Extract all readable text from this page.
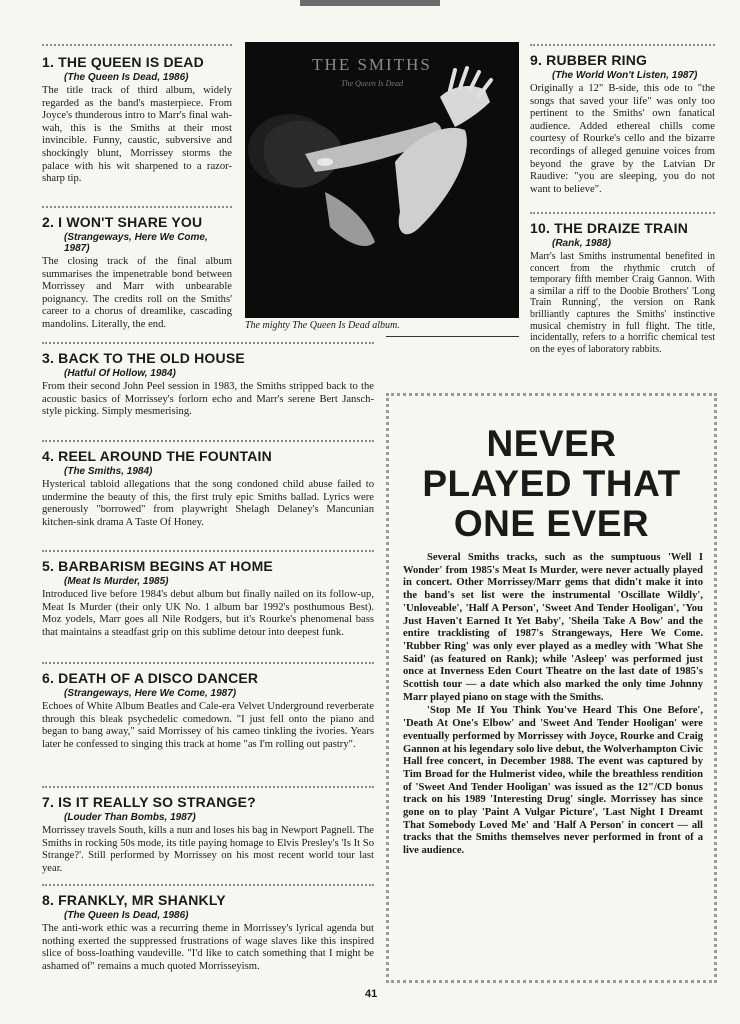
1. THE QUEEN IS DEAD
(The Queen Is Dead, 1986)

The title track of third album, widely regarded as the band's masterpiece. From Joyce's thunderous intro to Marr's final wah-wah, this is the Smiths at their most invincible. Funny, caustic, subversive and shockingly blunt, Morrissey storms the palace with his wit sharpened to a razor-sharp tip.

2. I WON'T SHARE YOU
(Strangeways, Here We Come, 1987)

The closing track of the final album summarises the impenetrable bond between Morrissey and Marr with unbearable poignancy. The credits roll on the Smiths' career to a chorus of dreamlike, cascading mandolins. Literally, the end.

THE SMITHS
The Queen Is Dead
The mighty The Queen Is Dead album.
9. RUBBER RING
(The World Won't Listen, 1987)

Originally a 12" B-side, this ode to "the songs that saved your life" was only too pertinent to the Smiths' own fanatical audience. Added ethereal chills come courtesy of Rourke's cello and the bizarre recordings of alleged genuine voices from beyond the grave by the Latvian Dr Raudive: "you are sleeping, you do not want to believe".

10. THE DRAIZE TRAIN
(Rank, 1988)

Marr's last Smiths instrumental benefited in concert from the rhythmic crutch of temporary fifth member Craig Gannon. With a similar a riff to the Doobie Brothers' 'Long Train Running', the version on Rank brilliantly captures the Smiths' instinctive musical chemistry in full flight. The title, incidentally, refers to a horrific chemical test on the eyes of laboratory rabbits.

3. BACK TO THE OLD HOUSE
(Hatful Of Hollow, 1984)

From their second John Peel session in 1983, the Smiths stripped back to the acoustic basics of Morrissey's forlorn echo and Marr's serene Bert Jansch-style picking. Simply mesmerising.

4. REEL AROUND THE FOUNTAIN
(The Smiths, 1984)

Hysterical tabloid allegations that the song condoned child abuse failed to undermine the beauty of this, the first truly epic Smiths ballad. Lyrics were generously "borrowed" from playwright Shelagh Delaney's Mancunian kitchen-sink drama A Taste Of Honey.

5. BARBARISM BEGINS AT HOME
(Meat Is Murder, 1985)

Introduced live before 1984's debut album but finally nailed on its follow-up, Meat Is Murder (their only UK No. 1 album bar 1992's posthumous Best). Moz yodels, Marr goes all Nile Rodgers, but it's Rourke's phenomenal bass that maintains a steadfast grip on this sublime detour into deepest funk.

6. DEATH OF A DISCO DANCER
(Strangeways, Here We Come, 1987)

Echoes of White Album Beatles and Cale-era Velvet Underground reverberate through this bleak psychedelic comedown. "I just fell onto the piano and began to bang away," said Morrissey of his cameo tinkling the ivories. Years later he confessed to singing this track at home "as I'm rolling out pastry".

7. IS IT REALLY SO STRANGE?
(Louder Than Bombs, 1987)

Morrissey travels South, kills a nun and loses his bag in Newport Pagnell. The Smiths in rocking 50s mode, its title paying homage to Elvis Presley's 'Is It So Strange?'. Still performed by Morrissey on his most recent world tour last year.

8. FRANKLY, MR SHANKLY
(The Queen Is Dead, 1986)

The anti-work ethic was a recurring theme in Morrissey's lyrical agenda but nothing exerted the suppressed frustrations of wage slaves like this inspired slice of boss-loathing vaudeville. "I'd like to catch something that I might be ashamed of" remains a much quoted Morrisseyism.

NEVER
PLAYED THAT
ONE EVER

Several Smiths tracks, such as the sumptuous 'Well I Wonder' from 1985's Meat Is Murder, were never actually played in concert. Other Morrissey/Marr gems that didn't make it into the band's set list were the instrumental 'Oscillate Wildly', 'Unloveable', 'Half A Person', 'Sweet And Tender Hooligan', 'You Just Haven't Earned It Yet Baby', 'Sheila Take A Bow' and the entire tracklisting of 1987's Strangeways, Here We Come. 'Rubber Ring' was only ever played as a medley with 'What She Said' (as featured on Rank); while 'Asleep' was performed just once at Inverness Eden Court Theatre on the last date of 1985's Scottish tour — a date which also marked the only time Johnny Marr played piano on stage with the Smiths.

'Stop Me If You Think You've Heard This One Before', 'Death At One's Elbow' and 'Sweet And Tender Hooligan' were eventually performed by Morrissey with Joyce, Rourke and Craig Gannon at his legendary solo live debut, the Wolverhampton Civic Hall free concert, in December 1988. The event was captured by Tim Broad for the Hulmerist video, while the breathless rendition of 'Sweet And Tender Hooligan' was issued as the 12"/CD bonus track on his 1989 'Interesting Drug' single. Morrissey has since gone on to play 'Paint A Vulgar Picture', 'Last Night I Dreamt That Somebody Loved Me' and 'Half A Person' in concert — all tracks that the Smiths themselves never performed in front of a live audience.

41
